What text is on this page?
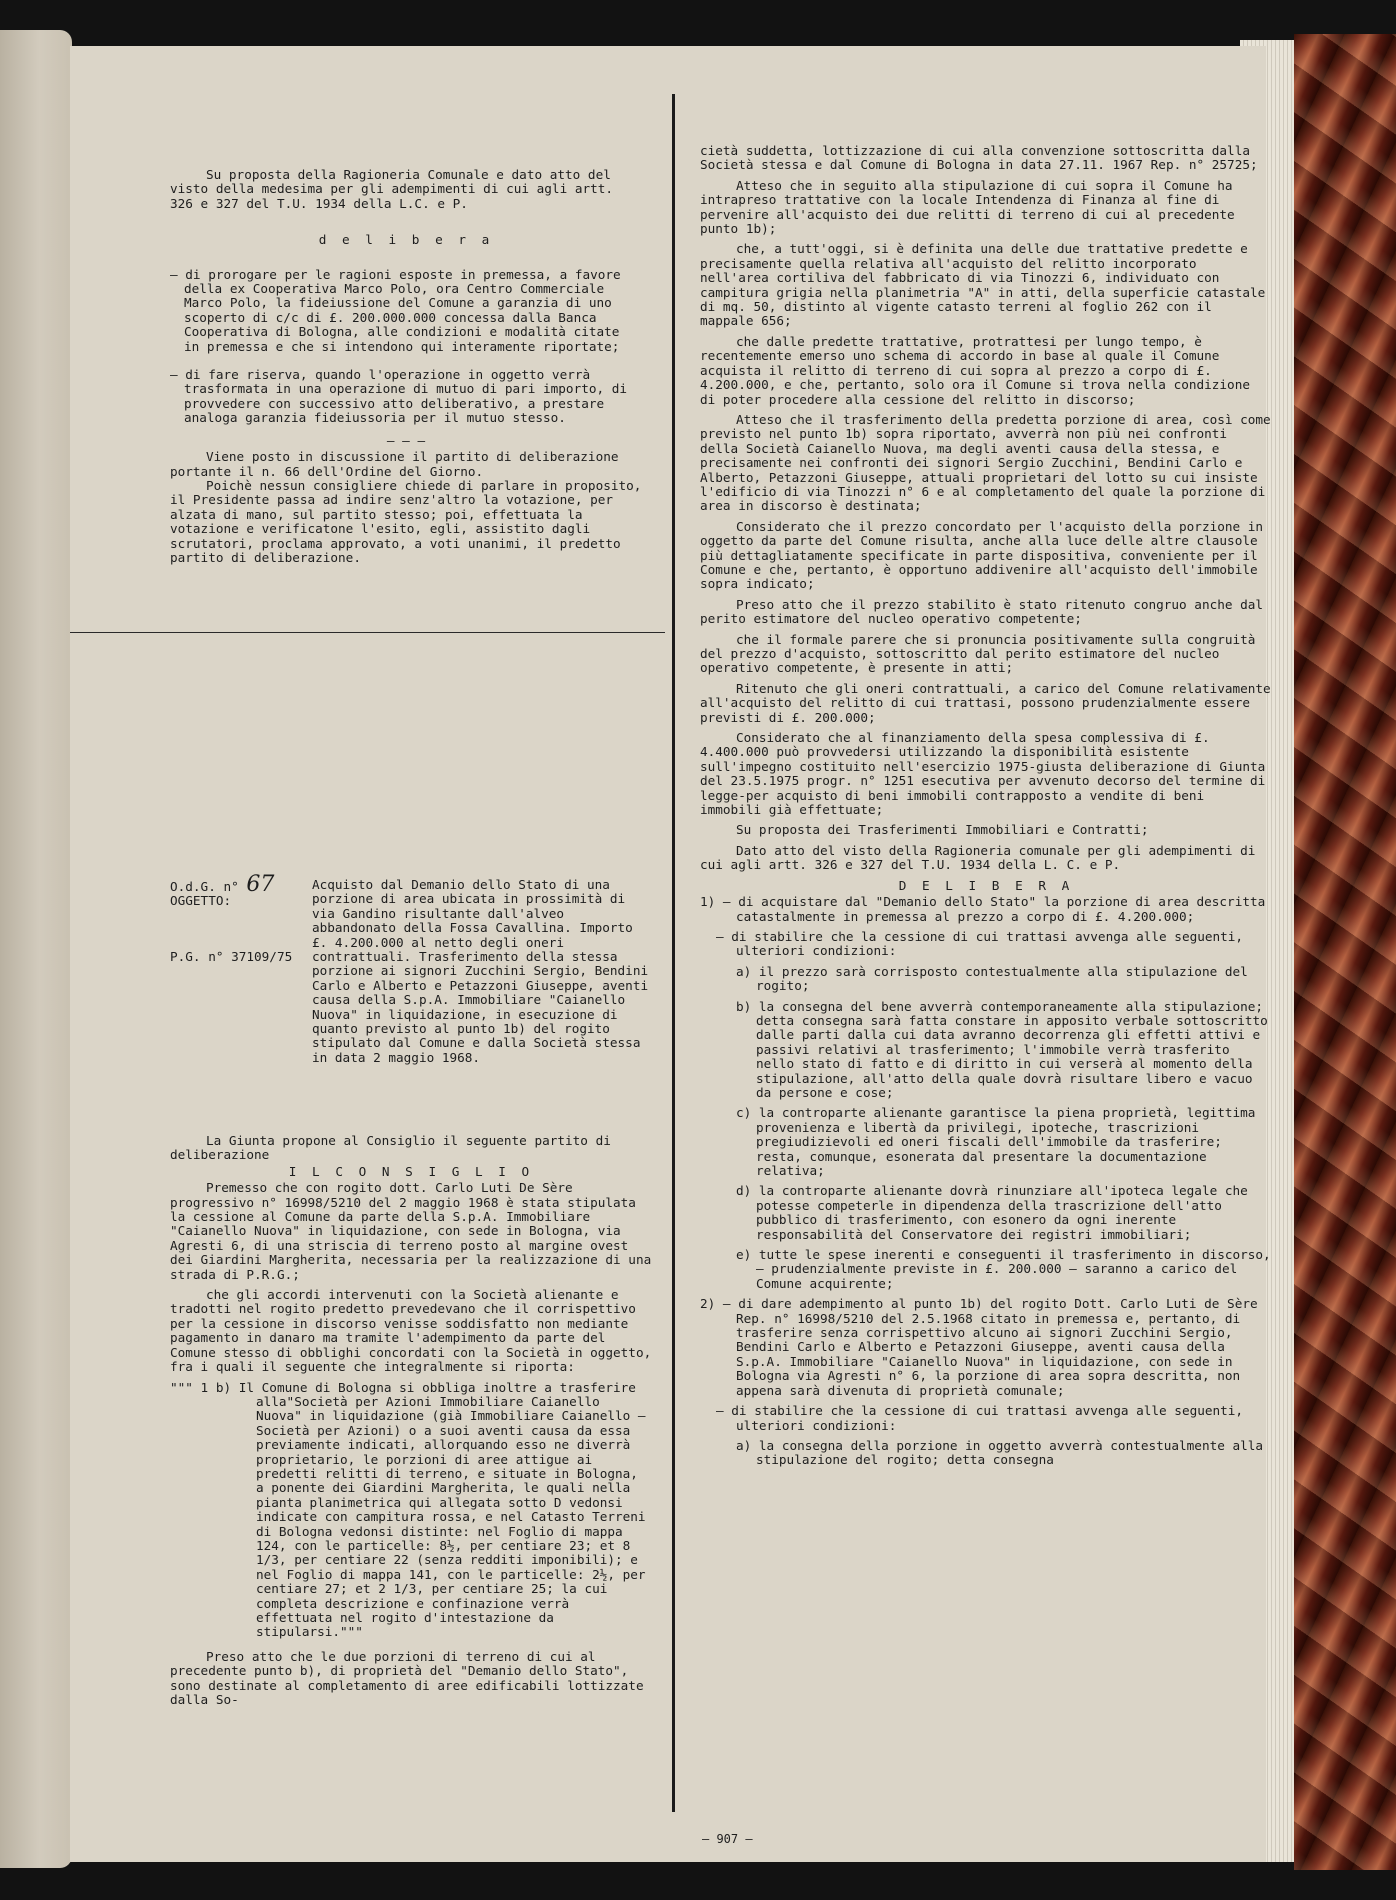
Su proposta della Ragioneria Comunale e dato atto del visto della medesima per gli adempimenti di cui agli artt. 326 e 327 del T.U. 1934 della L.C. e P.

d e l i b e r a

– di prorogare per le ragioni esposte in premessa, a favore della ex Cooperativa Marco Polo, ora Centro Commerciale Marco Polo, la fideiussione del Comune a garanzia di uno scoperto di c/c di £. 200.000.000 concessa dalla Banca Cooperativa di Bologna, alle condizioni e modalità citate in premessa e che si intendono qui interamente riportate;

– di fare riserva, quando l'operazione in oggetto verrà trasformata in una operazione di mutuo di pari importo, di provvedere con successivo atto deliberativo, a prestare analoga garanzia fideiussoria per il mutuo stesso.

– – –

Viene posto in discussione il partito di deliberazione portante il n. 66 dell'Ordine del Giorno.

Poichè nessun consigliere chiede di parlare in proposito, il Presidente passa ad indire senz'altro la votazione, per alzata di mano, sul partito stesso; poi, effettuata la votazione e verificatone l'esito, egli, assistito dagli scrutatori, proclama approvato, a voti unanimi, il predetto partito di deliberazione.

O.d.G. n° 67 OGGETTO:
Acquisto dal Demanio dello Stato di una porzione di area ubicata in prossimità di via Gandino risultante dall'alveo abbandonato della Fossa Cavallina. Importo £. 4.200.000 al netto degli oneri contrattuali. Trasferimento della stessa porzione ai signori Zucchini Sergio, Bendini Carlo e Alberto e Petazzoni Giuseppe, aventi causa della S.p.A. Immobiliare "Caianello Nuova" in liquidazione, in esecuzione di quanto previsto al punto 1b) del rogito stipulato dal Comune e dalla Società stessa in data 2 maggio 1968.
P.G. n° 37109/75

La Giunta propone al Consiglio il seguente partito di deliberazione

I L C O N S I G L I O

Premesso che con rogito dott. Carlo Luti De Sère progressivo n° 16998/5210 del 2 maggio 1968 è stata stipulata la cessione al Comune da parte della S.p.A. Immobiliare "Caianello Nuova" in liquidazione, con sede in Bologna, via Agresti 6, di una striscia di terreno posto al margine ovest dei Giardini Margherita, necessaria per la realizzazione di una strada di P.R.G.;

che gli accordi intervenuti con la Società alienante e tradotti nel rogito predetto prevedevano che il corrispettivo per la cessione in discorso venisse soddisfatto non mediante pagamento in danaro ma tramite l'adempimento da parte del Comune stesso di obblighi concordati con la Società in oggetto, fra i quali il seguente che integralmente si riporta:

""" 1 b) Il Comune di Bologna si obbliga inoltre a trasferire alla"Società per Azioni Immobiliare Caianello Nuova" in liquidazione (già Immobiliare Caianello – Società per Azioni) o a suoi aventi causa da essa previamente indicati, allorquando esso ne diverrà proprietario, le porzioni di aree attigue ai predetti relitti di terreno, e situate in Bologna, a ponente dei Giardini Margherita, le quali nella pianta planimetrica qui allegata sotto D vedonsi indicate con campitura rossa, e nel Catasto Terreni di Bologna vedonsi distinte: nel Foglio di mappa 124, con le particelle: 8½, per centiare 23; et 8 1/3, per centiare 22 (senza redditi imponibili); e nel Foglio di mappa 141, con le particelle: 2½, per centiare 27; et 2 1/3, per centiare 25; la cui completa descrizione e confinazione verrà effettuata nel rogito d'intestazione da stipularsi."""

Preso atto che le due porzioni di terreno di cui al precedente punto b), di proprietà del "Demanio dello Stato", sono destinate al completamento di aree edificabili lottizzate dalla So-

cietà suddetta, lottizzazione di cui alla convenzione sottoscritta dalla Società stessa e dal Comune di Bologna in data 27.11. 1967 Rep. n° 25725;

Atteso che in seguito alla stipulazione di cui sopra il Comune ha intrapreso trattative con la locale Intendenza di Finanza al fine di pervenire all'acquisto dei due relitti di terreno di cui al precedente punto 1b);

che, a tutt'oggi, si è definita una delle due trattative predette e precisamente quella relativa all'acquisto del relitto incorporato nell'area cortiliva del fabbricato di via Tinozzi 6, individuato con campitura grigia nella planimetria "A" in atti, della superficie catastale di mq. 50, distinto al vigente catasto terreni al foglio 262 con il mappale 656;

che dalle predette trattative, protrattesi per lungo tempo, è recentemente emerso uno schema di accordo in base al quale il Comune acquista il relitto di terreno di cui sopra al prezzo a corpo di £. 4.200.000, e che, pertanto, solo ora il Comune si trova nella condizione di poter procedere alla cessione del relitto in discorso;

Atteso che il trasferimento della predetta porzione di area, così come previsto nel punto 1b) sopra riportato, avverrà non più nei confronti della Società Caianello Nuova, ma degli aventi causa della stessa, e precisamente nei confronti dei signori Sergio Zucchini, Bendini Carlo e Alberto, Petazzoni Giuseppe, attuali proprietari del lotto su cui insiste l'edificio di via Tinozzi n° 6 e al completamento del quale la porzione di area in discorso è destinata;

Considerato che il prezzo concordato per l'acquisto della porzione in oggetto da parte del Comune risulta, anche alla luce delle altre clausole più dettagliatamente specificate in parte dispositiva, conveniente per il Comune e che, pertanto, è opportuno addivenire all'acquisto dell'immobile sopra indicato;

Preso atto che il prezzo stabilito è stato ritenuto congruo anche dal perito estimatore del nucleo operativo competente;

che il formale parere che si pronuncia positivamente sulla congruità del prezzo d'acquisto, sottoscritto dal perito estimatore del nucleo operativo competente, è presente in atti;

Ritenuto che gli oneri contrattuali, a carico del Comune relativamente all'acquisto del relitto di cui trattasi, possono prudenzialmente essere previsti di £. 200.000;

Considerato che al finanziamento della spesa complessiva di £. 4.400.000 può provvedersi utilizzando la disponibilità esistente sull'impegno costituito nell'esercizio 1975-giusta deliberazione di Giunta del 23.5.1975 progr. n° 1251 esecutiva per avvenuto decorso del termine di legge-per acquisto di beni immobili contrapposto a vendite di beni immobili già effettuate;

Su proposta dei Trasferimenti Immobiliari e Contratti;

Dato atto del visto della Ragioneria comunale per gli adempimenti di cui agli artt. 326 e 327 del T.U. 1934 della L. C. e P.

D E L I B E R A

1) – di acquistare dal "Demanio dello Stato" la porzione di area descritta catastalmente in premessa al prezzo a corpo di £. 4.200.000;

– di stabilire che la cessione di cui trattasi avvenga alle seguenti, ulteriori condizioni:

a) il prezzo sarà corrisposto contestualmente alla stipulazione del rogito;

b) la consegna del bene avverrà contemporaneamente alla stipulazione; detta consegna sarà fatta constare in apposito verbale sottoscritto dalle parti dalla cui data avranno decorrenza gli effetti attivi e passivi relativi al trasferimento; l'immobile verrà trasferito nello stato di fatto e di diritto in cui verserà al momento della stipulazione, all'atto della quale dovrà risultare libero e vacuo da persone e cose;

c) la controparte alienante garantisce la piena proprietà, legittima provenienza e libertà da privilegi, ipoteche, trascrizioni pregiudizievoli ed oneri fiscali dell'immobile da trasferire; resta, comunque, esonerata dal presentare la documentazione relativa;

d) la controparte alienante dovrà rinunziare all'ipoteca legale che potesse competerle in dipendenza della trascrizione dell'atto pubblico di trasferimento, con esonero da ogni inerente responsabilità del Conservatore dei registri immobiliari;

e) tutte le spese inerenti e conseguenti il trasferimento in discorso, – prudenzialmente previste in £. 200.000 – saranno a carico del Comune acquirente;

2) – di dare adempimento al punto 1b) del rogito Dott. Carlo Luti de Sère Rep. n° 16998/5210 del 2.5.1968 citato in premessa e, pertanto, di trasferire senza corrispettivo alcuno ai signori Zucchini Sergio, Bendini Carlo e Alberto e Petazzoni Giuseppe, aventi causa della S.p.A. Immobiliare "Caianello Nuova" in liquidazione, con sede in Bologna via Agresti n° 6, la porzione di area sopra descritta, non appena sarà divenuta di proprietà comunale;

– di stabilire che la cessione di cui trattasi avvenga alle seguenti, ulteriori condizioni:

a) la consegna della porzione in oggetto avverrà contestualmente alla stipulazione del rogito; detta consegna

– 907 –
